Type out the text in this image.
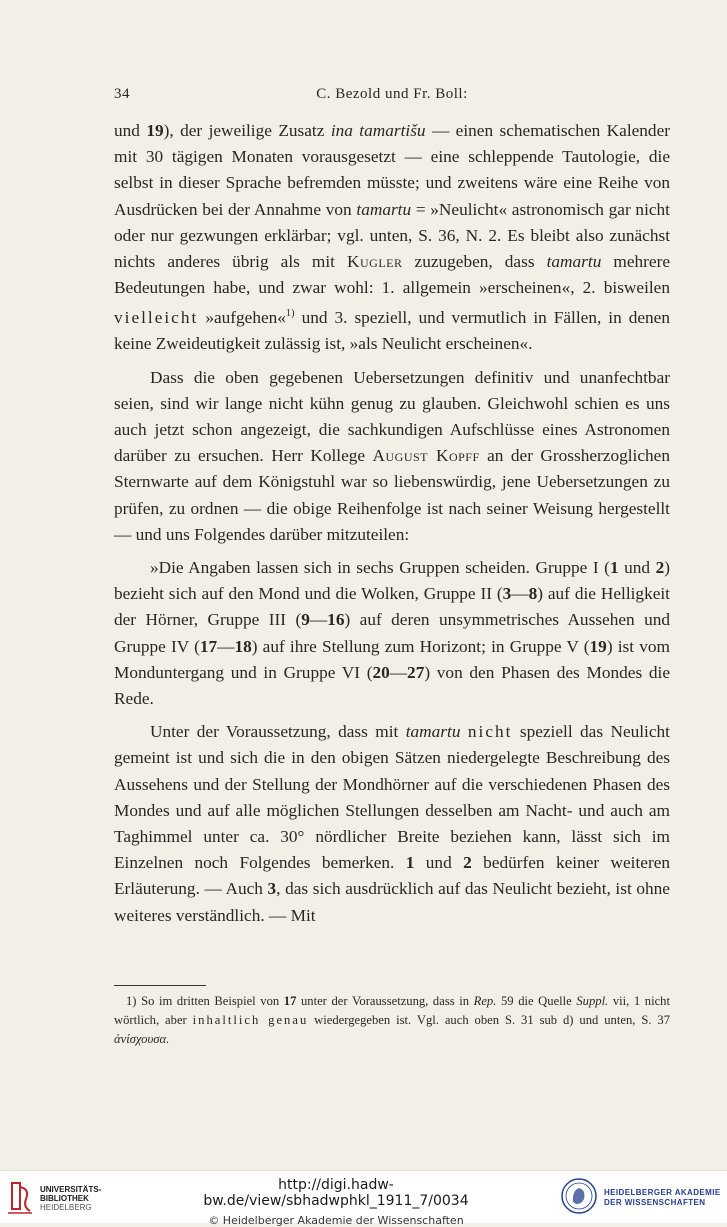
34	C. Bezold und Fr. Boll:

und 19), der jeweilige Zusatz ina tamartišu — einen schematischen Kalender mit 30 tägigen Monaten vorausgesetzt — eine schleppende Tautologie, die selbst in dieser Sprache befremden müsste; und zweitens wäre eine Reihe von Ausdrücken bei der Annahme von tamartu = »Neulicht« astronomisch gar nicht oder nur gezwungen erklärbar; vgl. unten, S. 36, N. 2. Es bleibt also zunächst nichts anderes übrig als mit Kugler zuzugeben, dass tamartu mehrere Bedeutungen habe, und zwar wohl: 1. allgemein »erscheinen«, 2. bisweilen vielleicht »aufgehen«$^{1)}$ und 3. speziell, und vermutlich in Fällen, in denen keine Zweideutigkeit zulässig ist, »als Neulicht erscheinen«.

Dass die oben gegebenen Uebersetzungen definitiv und unanfechtbar seien, sind wir lange nicht kühn genug zu glauben. Gleichwohl schien es uns auch jetzt schon angezeigt, die sachkundigen Aufschlüsse eines Astronomen darüber zu ersuchen. Herr Kollege August Kopff an der Grossherzoglichen Sternwarte auf dem Königstuhl war so liebenswürdig, jene Uebersetzungen zu prüfen, zu ordnen — die obige Reihenfolge ist nach seiner Weisung hergestellt — und uns Folgendes darüber mitzuteilen:

»Die Angaben lassen sich in sechs Gruppen scheiden. Gruppe I (1 und 2) bezieht sich auf den Mond und die Wolken, Gruppe II (3—8) auf die Helligkeit der Hörner, Gruppe III (9—16) auf deren unsymmetrisches Aussehen und Gruppe IV (17—18) auf ihre Stellung zum Horizont; in Gruppe V (19) ist vom Monduntergang und in Gruppe VI (20—27) von den Phasen des Mondes die Rede.

Unter der Voraussetzung, dass mit tamartu nicht speziell das Neulicht gemeint ist und sich die in den obigen Sätzen niedergelegte Beschreibung des Aussehens und der Stellung der Mondhörner auf die verschiedenen Phasen des Mondes und auf alle möglichen Stellungen desselben am Nacht- und auch am Taghimmel unter ca. 30° nördlicher Breite beziehen kann, lässt sich im Einzelnen noch Folgendes bemerken. 1 und 2 bedürfen keiner weiteren Erläuterung. — Auch 3, das sich ausdrücklich auf das Neulicht bezieht, ist ohne weiteres verständlich. — Mit

1) So im dritten Beispiel von 17 unter der Voraussetzung, dass in Rep. 59 die Quelle Suppl. vii, 1 nicht wörtlich, aber inhaltlich genau wiedergegeben ist. Vgl. auch oben S. 31 sub d) und unten, S. 37 ἀνίσχουσα.

UNIVERSITÄTS-
BIBLIOTHEK
HEIDELBERG
http://digi.hadw-bw.de/view/sbhadwphkl_1911_7/0034
© Heidelberger Akademie der Wissenschaften
HEIDELBERGER AKADEMIE
DER WISSENSCHAFTEN
